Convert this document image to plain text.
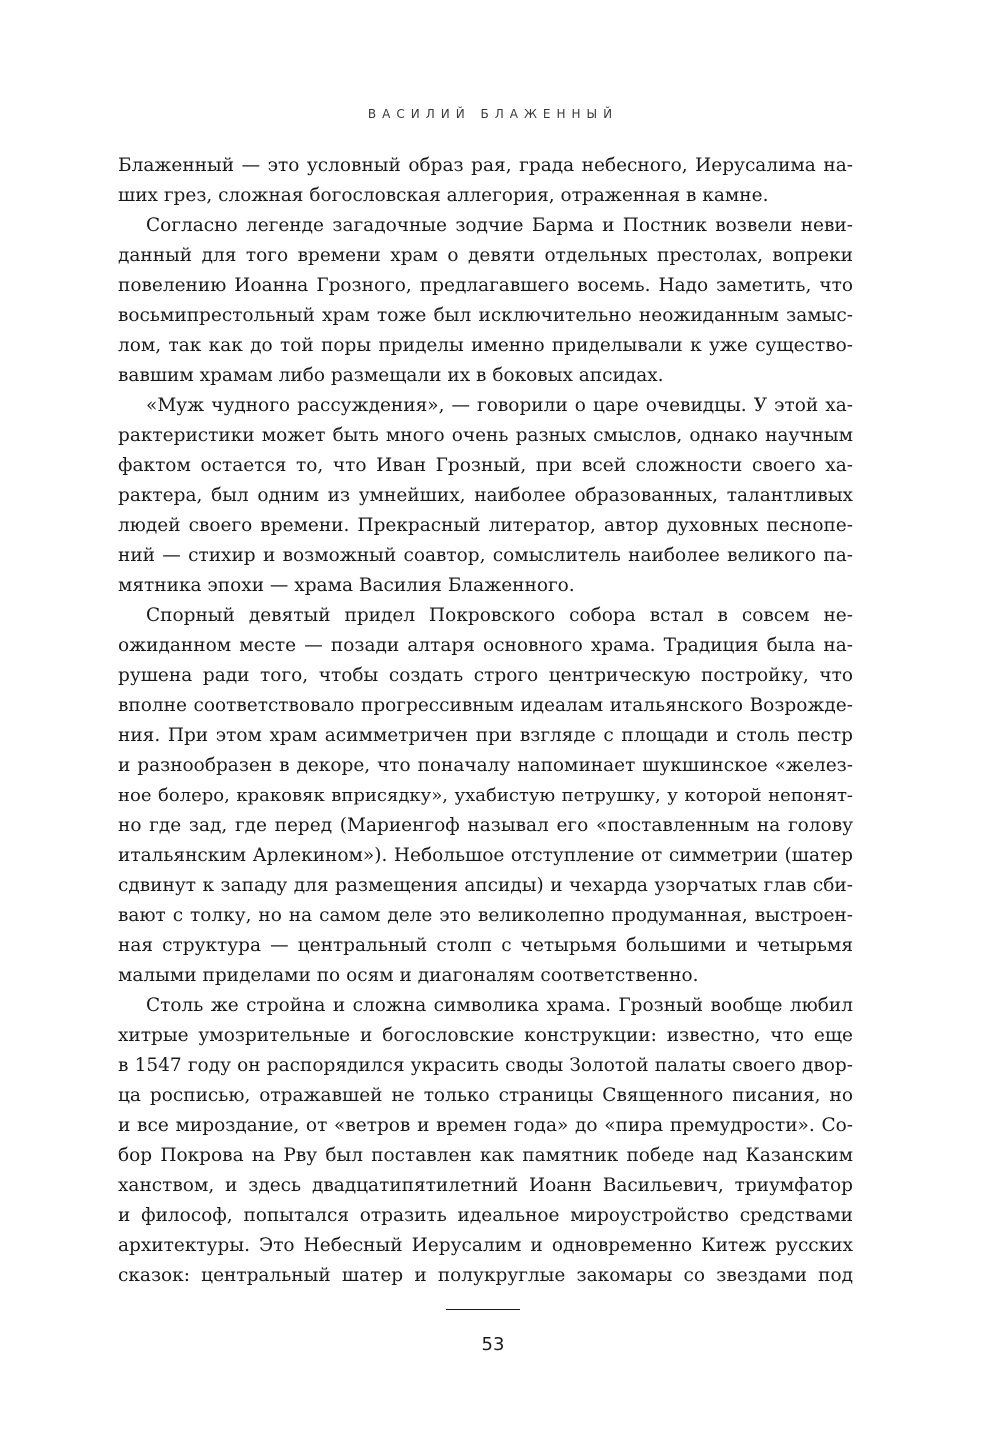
ВАСИЛИЙ БЛАЖЕННЫЙ
Блаженный — это условный образ рая, града небесного, Иерусалима на-
ших грез, сложная богословская аллегория, отраженная в камне.
Согласно легенде загадочные зодчие Барма и Постник возвели неви-
данный для того времени храм о девяти отдельных престолах, вопреки
повелению Иоанна Грозного, предлагавшего восемь. Надо заметить, что
восьмипрестольный храм тоже был исключительно неожиданным замыс-
лом, так как до той поры приделы именно приделывали к уже существо-
вавшим храмам либо размещали их в боковых апсидах.
«Муж чудного рассуждения», — говорили о царе очевидцы. У этой ха-
рактеристики может быть много очень разных смыслов, однако научным
фактом остается то, что Иван Грозный, при всей сложности своего ха-
рактера, был одним из умнейших, наиболее образованных, талантливых
людей своего времени. Прекрасный литератор, автор духовных песнопе-
ний — стихир и возможный соавтор, сомыслитель наиболее великого па-
мятника эпохи — храма Василия Блаженного.
Спорный девятый придел Покровского собора встал в совсем не-
ожиданном месте — позади алтаря основного храма. Традиция была на-
рушена ради того, чтобы создать строго центрическую постройку, что
вполне соответствовало прогрессивным идеалам итальянского Возрожде-
ния. При этом храм асимметричен при взгляде с площади и столь пестр
и разнообразен в декоре, что поначалу напоминает шукшинское «желез-
ное болеро, краковяк вприсядку», ухабистую петрушку, у которой непонят-
но где зад, где перед (Мариенгоф называл его «поставленным на голову
итальянским Арлекином»). Небольшое отступление от симметрии (шатер
сдвинут к западу для размещения апсиды) и чехарда узорчатых глав сби-
вают с толку, но на самом деле это великолепно продуманная, выстроен-
ная структура — центральный столп с четырьмя большими и четырьмя
малыми приделами по осям и диагоналям соответственно.
Столь же стройна и сложна символика храма. Грозный вообще любил
хитрые умозрительные и богословские конструкции: известно, что еще
в 1547 году он распорядился украсить своды Золотой палаты своего двор-
ца росписью, отражавшей не только страницы Священного писания, но
и все мироздание, от «ветров и времен года» до «пира премудрости». Со-
бор Покрова на Рву был поставлен как памятник победе над Казанским
ханством, и здесь двадцатипятилетний Иоанн Васильевич, триумфатор
и философ, попытался отразить идеальное мироустройство средствами
архитектуры. Это Небесный Иерусалим и одновременно Китеж русских
сказок: центральный шатер и полукруглые закомары со звездами под
53
